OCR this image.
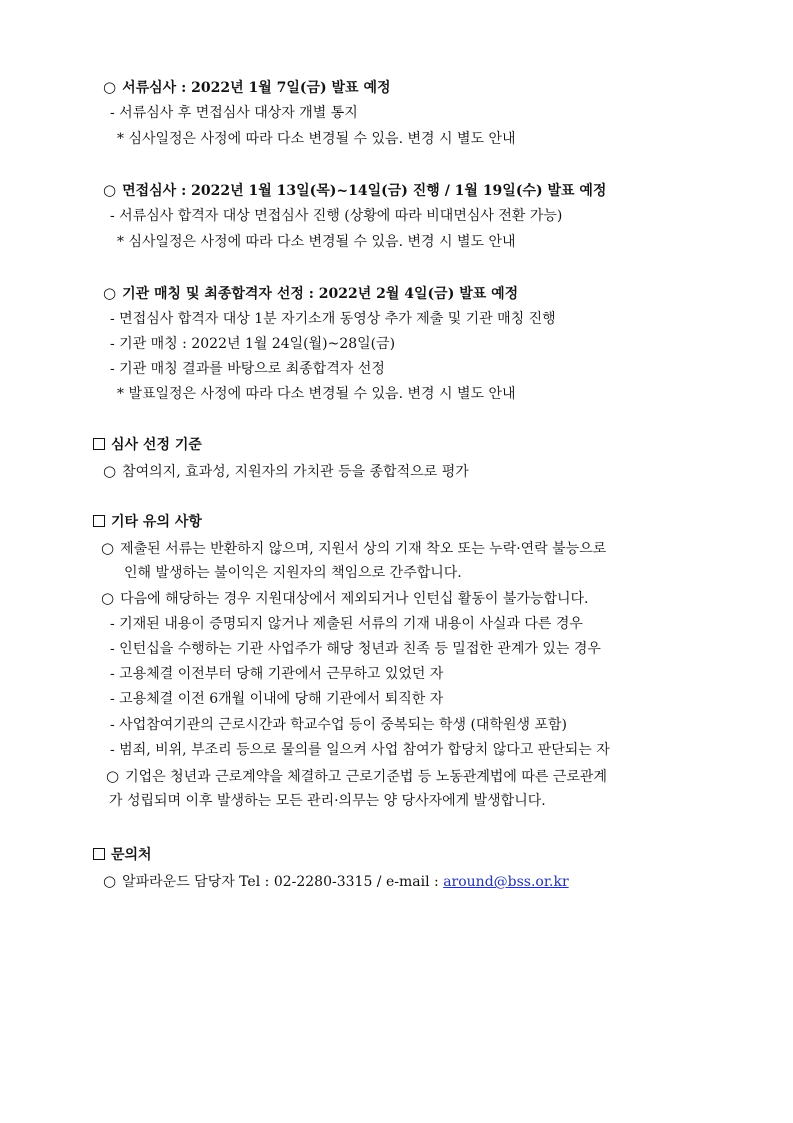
○ 서류심사 : 2022년 1월 7일(금) 발표 예정
- 서류심사 후 면접심사 대상자 개별 통지
* 심사일정은 사정에 따라 다소 변경될 수 있음. 변경 시 별도 안내
○ 면접심사 : 2022년 1월 13일(목)~14일(금) 진행 / 1월 19일(수) 발표 예정
- 서류심사 합격자 대상 면접심사 진행 (상황에 따라 비대면심사 전환 가능)
* 심사일정은 사정에 따라 다소 변경될 수 있음. 변경 시 별도 안내
○ 기관 매칭 및 최종합격자 선정 : 2022년 2월 4일(금) 발표 예정
- 면접심사 합격자 대상 1분 자기소개 동영상 추가 제출 및 기관 매칭 진행
- 기관 매칭 : 2022년 1월 24일(월)~28일(금)
- 기관 매칭 결과를 바탕으로 최종합격자 선정
* 발표일정은 사정에 따라 다소 변경될 수 있음. 변경 시 별도 안내
심사 선정 기준
○ 참여의지, 효과성, 지원자의 가치관 등을 종합적으로 평가
기타 유의 사항
○ 제출된 서류는 반환하지 않으며, 지원서 상의 기재 착오 또는 누락·연락 불능으로
인해 발생하는 불이익은 지원자의 책임으로 간주합니다.
○ 다음에 해당하는 경우 지원대상에서 제외되거나 인턴십 활동이 불가능합니다.
- 기재된 내용이 증명되지 않거나 제출된 서류의 기재 내용이 사실과 다른 경우
- 인턴십을 수행하는 기관 사업주가 해당 청년과 친족 등 밀접한 관계가 있는 경우
- 고용체결 이전부터 당해 기관에서 근무하고 있었던 자
- 고용체결 이전 6개월 이내에 당해 기관에서 퇴직한 자
- 사업참여기관의 근로시간과 학교수업 등이 중복되는 학생 (대학원생 포함)
- 범죄, 비위, 부조리 등으로 물의를 일으켜 사업 참여가 합당치 않다고 판단되는 자
○ 기업은 청년과 근로계약을 체결하고 근로기준법 등 노동관계법에 따른 근로관계
가 성립되며 이후 발생하는 모든 관리·의무는 양 당사자에게 발생합니다.
문의처
○ 알파라운드 담당자 Tel : 02-2280-3315 / e-mail : around@bss.or.kr
